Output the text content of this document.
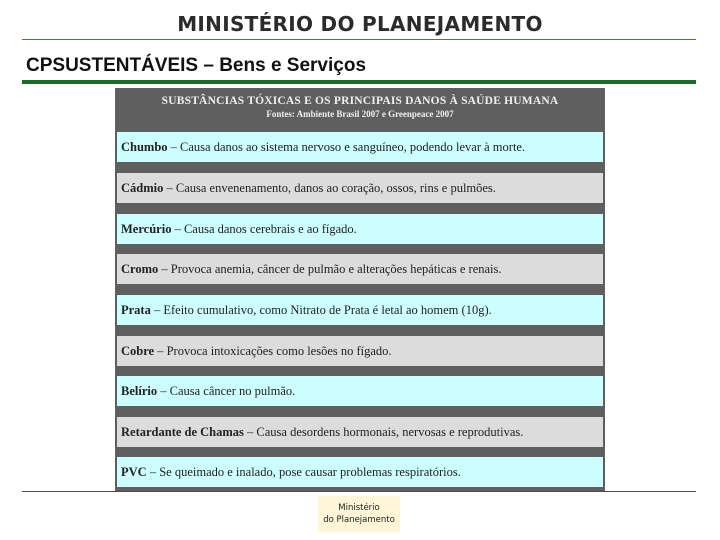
MINISTÉRIO DO PLANEJAMENTO
CPSUSTENTÁVEIS – Bens e Serviços
SUBSTÂNCIAS TÓXICAS E OS PRINCIPAIS DANOS À SAÚDE HUMANA
Fontes: Ambiente Brasil 2007 e Greenpeace 2007
Chumbo – Causa danos ao sistema nervoso e sanguíneo, podendo levar à morte.
Cádmio – Causa envenenamento, danos ao coração, ossos, rins e pulmões.
Mercúrio – Causa danos cerebrais e ao fígado.
Cromo – Provoca anemia, câncer de pulmão e alterações hepáticas e renais.
Prata – Efeito cumulativo, como Nitrato de Prata é letal ao homem (10g).
Cobre – Provoca intoxicações como lesões no fígado.
Belírio – Causa câncer no pulmão.
Retardante de Chamas – Causa desordens hormonais, nervosas e reprodutivas.
PVC – Se queimado e inalado, pose causar problemas respiratórios.
Ministério
do Planejamento
